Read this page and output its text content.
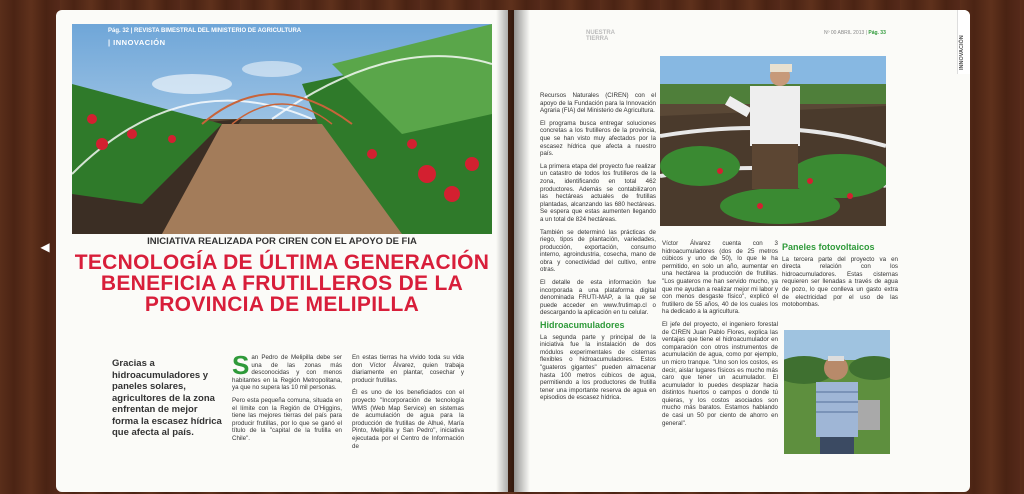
◀
Pág. 32 | REVISTA BIMESTRAL DEL MINISTERIO DE AGRICULTURA
| INNOVACIÓN
INICIATIVA REALIZADA POR CIREN CON EL APOYO DE FIA
TECNOLOGÍA DE ÚLTIMA GENERACIÓN BENEFICIA A FRUTILLEROS DE LA PROVINCIA DE MELIPILLA
Gracias a hidroacumuladores y paneles solares, agricultores de la zona enfrentan de mejor forma la escasez hídrica que afecta al país.

San Pedro de Melipilla debe ser una de las zonas más desconocidas y con menos habitantes en la Región Metropolitana, ya que no supera las 10 mil personas.

Pero esta pequeña comuna, situada en el límite con la Región de O'Higgins, tiene las mejores tierras del país para producir frutillas, por lo que se ganó el título de la "capital de la frutilla en Chile".

En estas tierras ha vivido toda su vida don Víctor Álvarez, quien trabaja diariamente en plantar, cosechar y producir frutillas.

Él es uno de los beneficiados con el proyecto "Incorporación de tecnología WMS (Web Map Service) en sistemas de acumulación de agua para la producción de frutillas de Alhué, María Pinto, Melipilla y San Pedro", iniciativa ejecutada por el Centro de Información de

NUESTRA TIERRA
Nº 00 ABRIL 2013 | Pág. 33
INNOVACIÓN

Recursos Naturales (CIREN) con el apoyo de la Fundación para la Innovación Agraria (FIA) del Ministerio de Agricultura.

El programa busca entregar soluciones concretas a los frutilleros de la provincia, que se han visto muy afectados por la escasez hídrica que afecta a nuestro país.

La primera etapa del proyecto fue realizar un catastro de todos los frutilleros de la zona, identificando en total 462 productores. Además se contabilizaron las hectáreas actuales de frutillas plantadas, alcanzando las 680 hectáreas. Se espera que estas aumenten llegando a un total de 824 hectáreas.

También se determinó las prácticas de riego, tipos de plantación, variedades, producción, exportación, consumo interno, agroindustria, cosecha, mano de obra y conectividad del cultivo, entre otras.

El detalle de esta información fue incorporada a una plataforma digital denominada FRUTI-MAP, a la que se puede acceder en www.frutimap.cl o descargando la aplicación en tu celular.

Hidroacumuladores

La segunda parte y principal de la iniciativa fue la instalación de dos módulos experimentales de cisternas flexibles o hidroacumuladores. Estos "guateros gigantes" pueden almacenar hasta 100 metros cúbicos de agua, permitiendo a los productores de frutilla tener una importante reserva de agua en episodios de escasez hídrica.

Víctor Álvarez cuenta con 3 hidroacumuladores (dos de 25 metros cúbicos y uno de 50), lo que le ha permitido, en solo un año, aumentar en una hectárea la producción de frutillas. "Los guateros me han servido mucho, ya que me ayudan a realizar mejor mi labor y con menos desgaste físico", explicó el frutillero de 55 años, 40 de los cuales los ha dedicado a la agricultura.

El jefe del proyecto, el ingeniero forestal de CIREN Juan Pablo Flores, explica las ventajas que tiene el hidroacumulador en comparación con otros instrumentos de acumulación de agua, como por ejemplo, un micro tranque. "Uno son los costos, es decir, aislar lugares físicos es mucho más caro que tener un acumulador. El acumulador lo puedes desplazar hacia distintos huertos o campos o donde tú quieras, y los costos asociados son mucho más baratos. Estamos hablando de casi un 50 por ciento de ahorro en general".

Paneles fotovoltaicos

La tercera parte del proyecto va en directa relación con los hidroacumuladores. Estas cisternas requieren ser llenadas a través de agua de pozo, lo que conlleva un gasto extra de electricidad por el uso de las motobombas.
